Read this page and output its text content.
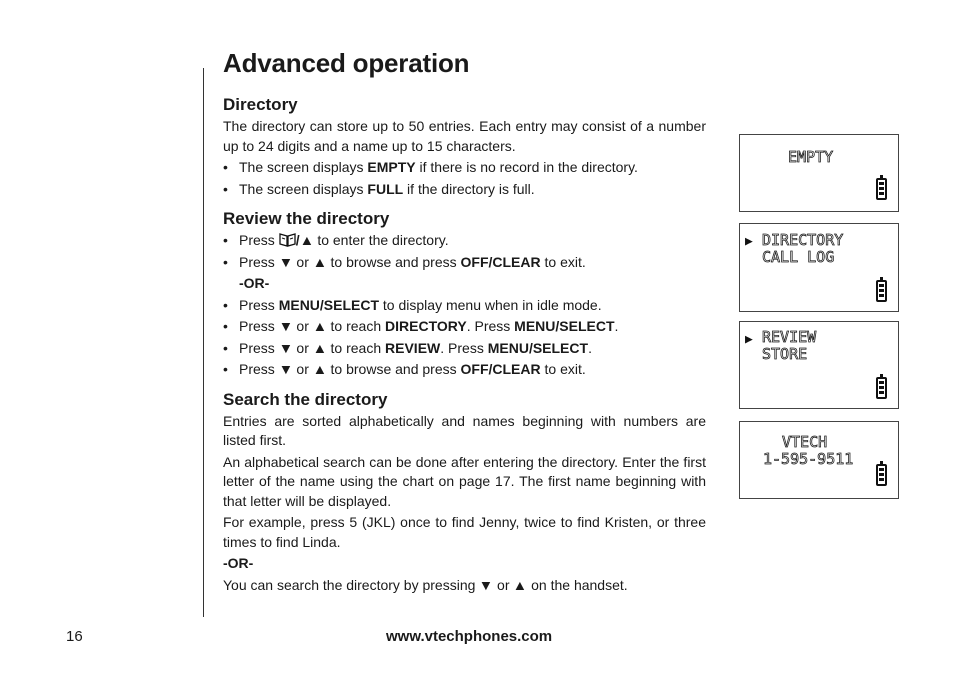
Advanced operation
Directory

The directory can store up to 50 entries. Each entry may consist of a number up to 24 digits and a name up to 15 characters.

• The screen displays EMPTY if there is no record in the directory.
• The screen displays FULL if the directory is full.
Review the directory
• Press /▲ to enter the directory.
• Press ▼ or ▲ to browse and press OFF/CLEAR to exit.
-OR-
• Press MENU/SELECT to display menu when in idle mode.
• Press ▼ or ▲ to reach DIRECTORY. Press MENU/SELECT.
• Press ▼ or ▲ to reach REVIEW. Press MENU/SELECT.
• Press ▼ or ▲ to browse and press OFF/CLEAR to exit.
Search the directory

Entries are sorted alphabetically and names beginning with numbers are listed first.

An alphabetical search can be done after entering the directory. Enter the first letter of the name using the chart on page 17. The first name beginning with that letter will be displayed.

For example, press 5 (JKL) once to find Jenny, twice to find Kristen, or three times to find Linda.

-OR-

You can search the directory by pressing ▼ or ▲ on the handset.

EMPTY
▶ DIRECTORY
CALL LOG
▶ REVIEW
STORE
VTECH
1-595-9511
16	www.vtechphones.com
